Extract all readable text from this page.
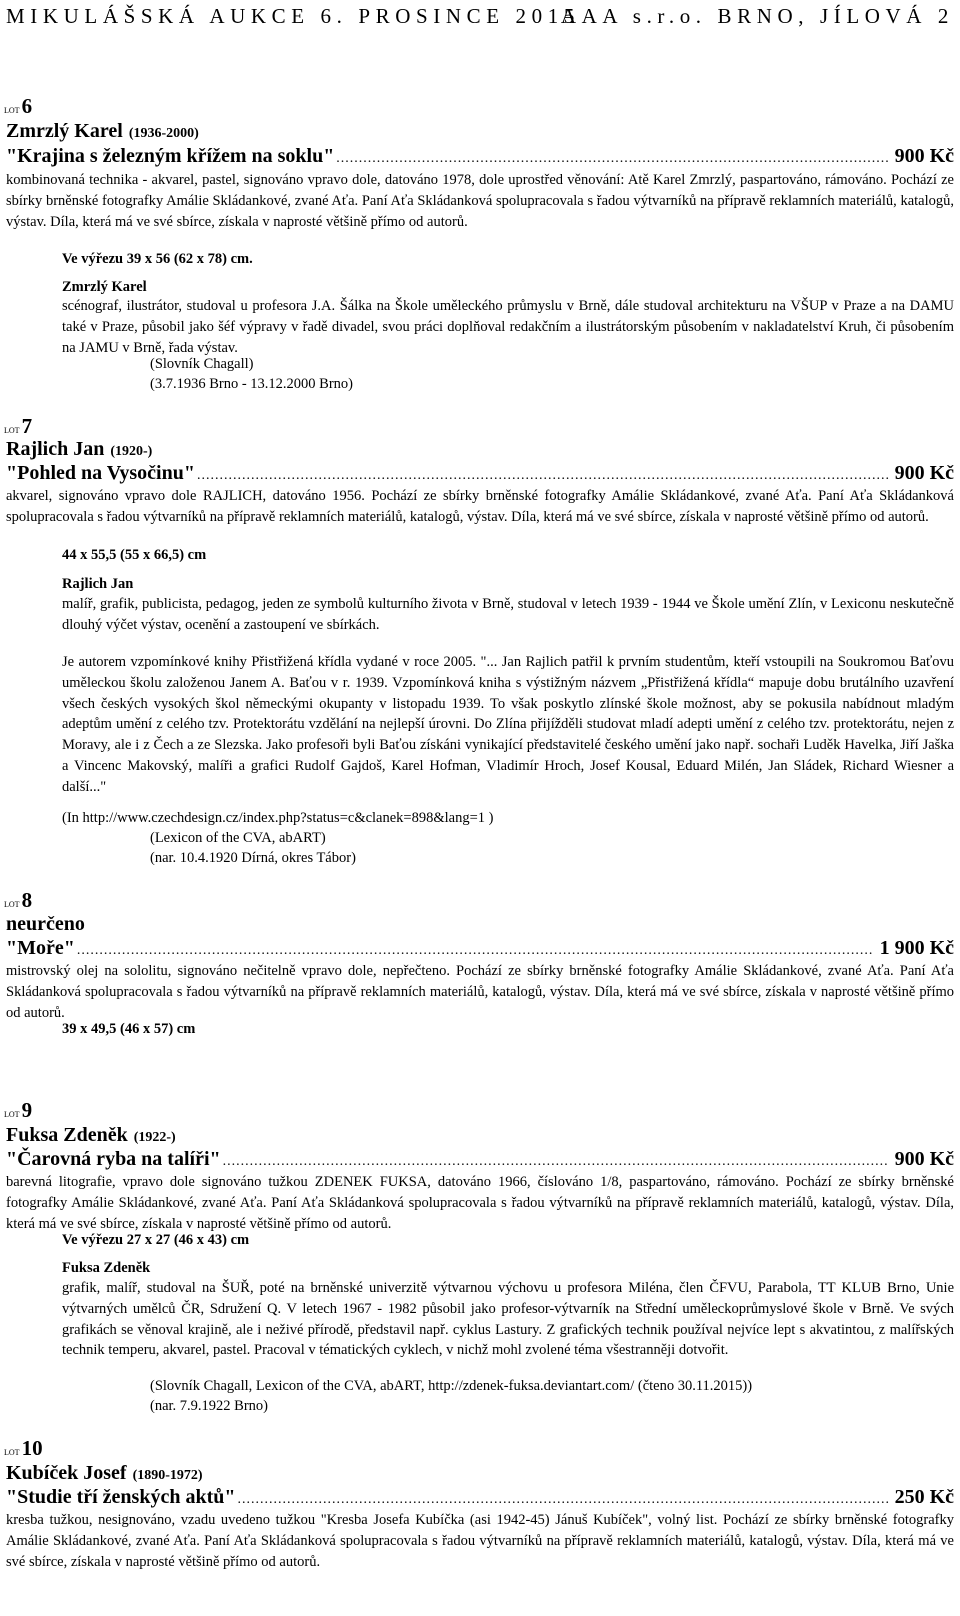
MIKULÁŠSKÁ AUKCE 6. PROSINCE 2015
AAA s.r.o. BRNO, JÍLOVÁ 2
LOT6
Zmrzlý Karel (1936-2000)
"Krajina s železným křížem na soklu" .....	900 Kč
kombinovaná technika - akvarel, pastel, signováno vpravo dole, datováno 1978, dole uprostřed věnování: Atě Karel Zmrzlý, paspartováno, rámováno. Pochází ze sbírky brněnské fotografky Amálie Skládankové, zvané Aťa. Paní Aťa Skládanková spolupracovala s řadou výtvarníků na přípravě reklamních materiálů, katalogů, výstav. Díla, která má ve své sbírce, získala v naprosté většině přímo od autorů.
Ve výřezu 39 x 56 (62 x 78) cm.
Zmrzlý Karel
scénograf, ilustrátor, studoval u profesora J.A. Šálka na Škole uměleckého průmyslu v Brně, dále studoval architekturu na VŠUP v Praze a na DAMU také v Praze, působil jako šéf výpravy v řadě divadel, svou práci doplňoval redakčním a ilustrátorským působením v nakladatelství Kruh, či působením na JAMU v Brně, řada výstav.
(Slovník Chagall)
(3.7.1936 Brno - 13.12.2000 Brno)
LOT7
Rajlich Jan (1920-)
"Pohled na Vysočinu" .....	900 Kč
akvarel, signováno vpravo dole RAJLICH, datováno 1956. Pochází ze sbírky brněnské fotografky Amálie Skládankové, zvané Aťa. Paní Aťa Skládanková spolupracovala s řadou výtvarníků na přípravě reklamních materiálů, katalogů, výstav. Díla, která má ve své sbírce, získala v naprosté většině přímo od autorů.
44 x 55,5 (55 x 66,5) cm
Rajlich Jan
malíř, grafik, publicista, pedagog, jeden ze symbolů kulturního života v Brně, studoval v letech 1939 - 1944 ve Škole umění Zlín, v Lexiconu neskutečně dlouhý výčet výstav, ocenění a zastoupení ve sbírkách.
Je autorem vzpomínkové knihy Přistřižená křídla vydané v roce 2005. "... Jan Rajlich patřil k prvním studentům, kteří vstoupili na Soukromou Baťovu uměleckou školu založenou Janem A. Baťou v r. 1939. Vzpomínková kniha s výstižným názvem „Přistřižená křídla“ mapuje dobu brutálního uzavření všech českých vysokých škol německými okupanty v listopadu 1939. To však poskytlo zlínské škole možnost, aby se pokusila nabídnout mladým adeptům umění z celého tzv. Protektorátu vzdělání na nejlepší úrovni. Do Zlína přijížděli studovat mladí adepti umění z celého tzv. protektorátu, nejen z Moravy, ale i z Čech a ze Slezska. Jako profesoři byli Baťou získáni vynikající představitelé českého umění jako např. sochaři Luděk Havelka, Jiří Jaška a Vincenc Makovský, malíři a grafici Rudolf Gajdoš, Karel Hofman, Vladimír Hroch, Josef Kousal, Eduard Milén, Jan Sládek, Richard Wiesner a další..."
(In http://www.czechdesign.cz/index.php?status=c&clanek=898&lang=1 )
(Lexicon of the CVA, abART)
(nar. 10.4.1920 Dírná, okres Tábor)
LOT8
neurčeno
"Moře" .....	1 900 Kč
mistrovský olej na sololitu, signováno nečitelně vpravo dole, nepřečteno. Pochází ze sbírky brněnské fotografky Amálie Skládankové, zvané Aťa. Paní Aťa Skládanková spolupracovala s řadou výtvarníků na přípravě reklamních materiálů, katalogů, výstav. Díla, která má ve své sbírce, získala v naprosté většině přímo od autorů.
39 x 49,5 (46 x 57) cm
LOT9
Fuksa Zdeněk (1922-)
"Čarovná ryba na talíři" .....	900 Kč
barevná litografie, vpravo dole signováno tužkou ZDENEK FUKSA, datováno 1966, číslováno 1/8, paspartováno, rámováno. Pochází ze sbírky brněnské fotografky Amálie Skládankové, zvané Aťa. Paní Aťa Skládanková spolupracovala s řadou výtvarníků na přípravě reklamních materiálů, katalogů, výstav. Díla, která má ve své sbírce, získala v naprosté většině přímo od autorů.
Ve výřezu 27 x 27 (46 x 43) cm
Fuksa Zdeněk
grafik, malíř, studoval na ŠUŘ, poté na brněnské univerzitě výtvarnou výchovu u profesora Miléna, člen ČFVU, Parabola, TT KLUB Brno, Unie výtvarných umělců ČR, Sdružení Q. V letech 1967 - 1982 působil jako profesor-výtvarník na Střední uměleckoprůmyslové škole v Brně. Ve svých grafikách se věnoval krajině, ale i neživé přírodě, představil např. cyklus Lastury. Z grafických technik používal nejvíce lept s akvatintou, z malířských technik temperu, akvarel, pastel. Pracoval v tématických cyklech, v nichž mohl zvolené téma všestranněji dotvořit.
(Slovník Chagall, Lexicon of the CVA, abART, http://zdenek-fuksa.deviantart.com/ (čteno 30.11.2015))
(nar. 7.9.1922 Brno)
LOT10
Kubíček Josef (1890-1972)
"Studie tří ženských aktů" .....	250 Kč
kresba tužkou, nesignováno, vzadu uvedeno tužkou "Kresba Josefa Kubíčka (asi 1942-45) Jánuš Kubíček", volný list. Pochází ze sbírky brněnské fotografky Amálie Skládankové, zvané Aťa. Paní Aťa Skládanková spolupracovala s řadou výtvarníků na přípravě reklamních materiálů, katalogů, výstav. Díla, která má ve své sbírce, získala v naprosté většině přímo od autorů.
